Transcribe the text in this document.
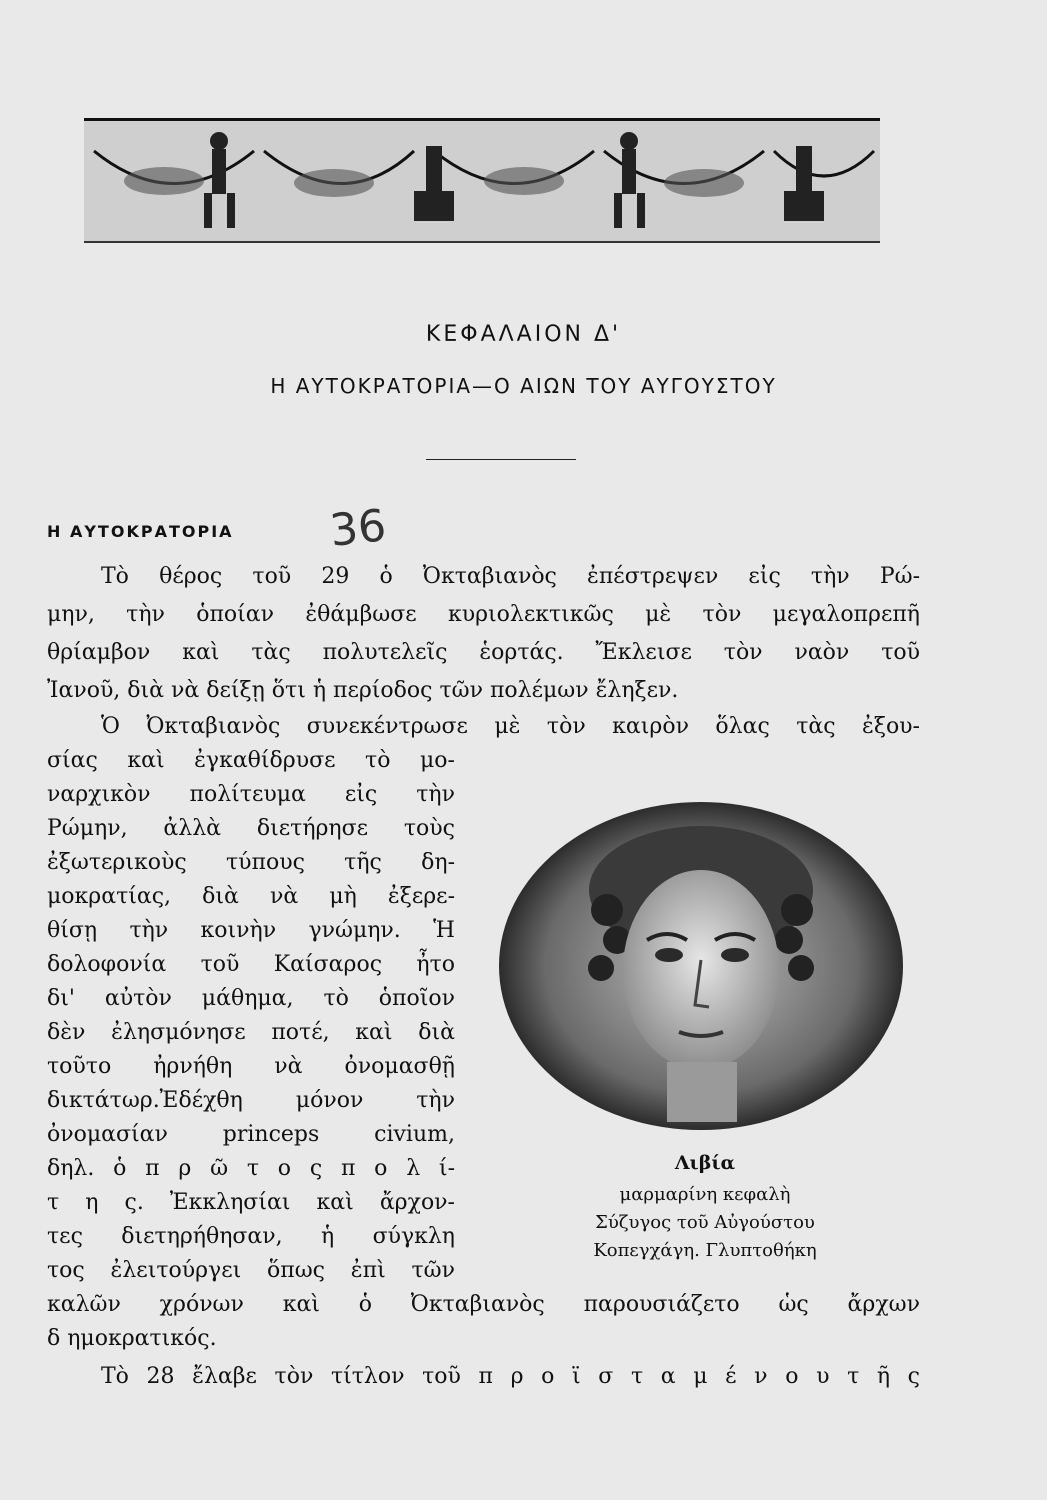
ΚΕΦΑΛΑΙΟΝ Δ'
Η ΑΥΤΟΚΡΑΤΟΡΙΑ—Ο ΑΙΩΝ ΤΟΥ ΑΥΓΟΥΣΤΟΥ
Η ΑΥΤΟΚΡΑΤΟΡΙΑ 36
Τὸ θέρος τοῦ 29 ὁ Ὀκταβιανὸς ἐπέστρεψεν εἰς τὴν Ρώ-
μην, τὴν ὁποίαν ἐθάμβωσε κυριολεκτικῶς μὲ τὸν μεγαλοπρεπῆ
θρίαμβον καὶ τὰς πολυτελεῖς ἑορτάς. Ἔκλεισε τὸν ναὸν τοῦ
Ἰανοῦ, διὰ νὰ δείξῃ ὅτι ἡ περίοδος τῶν πολέμων ἔληξεν.
Ὁ Ὀκταβιανὸς συνεκέντρωσε μὲ τὸν καιρὸν ὅλας τὰς ἐξου-
σίας καὶ ἐγκαθίδρυσε τὸ μο-
ναρχικὸν πολίτευμα εἰς τὴν
Ρώμην, ἀλλὰ διετήρησε τοὺς
ἐξωτερικοὺς τύπους τῆς δη-
μοκρατίας, διὰ νὰ μὴ ἐξερε-
θίσῃ τὴν κοινὴν γνώμην. Ἡ
δολοφονία τοῦ Καίσαρος ἦτο
δι' αὐτὸν μάθημα, τὸ ὁποῖον
δὲν ἐλησμόνησε ποτέ, καὶ διὰ
τοῦτο ἠρνήθη νὰ ὀνομασθῇ
δικτάτωρ.Ἐδέχθη μόνον τὴν
ὀνομασίαν princeps civium,
δηλ. ὁ π ρ ῶ τ ο ς π ο λ ί-
τ η ς. Ἐκκλησίαι καὶ ἄρχον-
τες διετηρήθησαν, ἡ σύγκλη
τος ἐλειτούργει ὅπως ἐπὶ τῶν
καλῶν χρόνων καὶ ὁ Ὀκταβιανὸς παρουσιάζετο ὡς ἄρχων
δ ημοκρατικός.
Τὸ 28 ἔλαβε τὸν τίτλον τοῦ π ρ ο ϊ σ τ α μ έ ν ο υ τ ῆ ς
Λιβία
μαρμαρίνη κεφαλὴ
Σύζυγος τοῦ Αὐγούστου
Κοπεγχάγη. Γλυπτοθήκη
